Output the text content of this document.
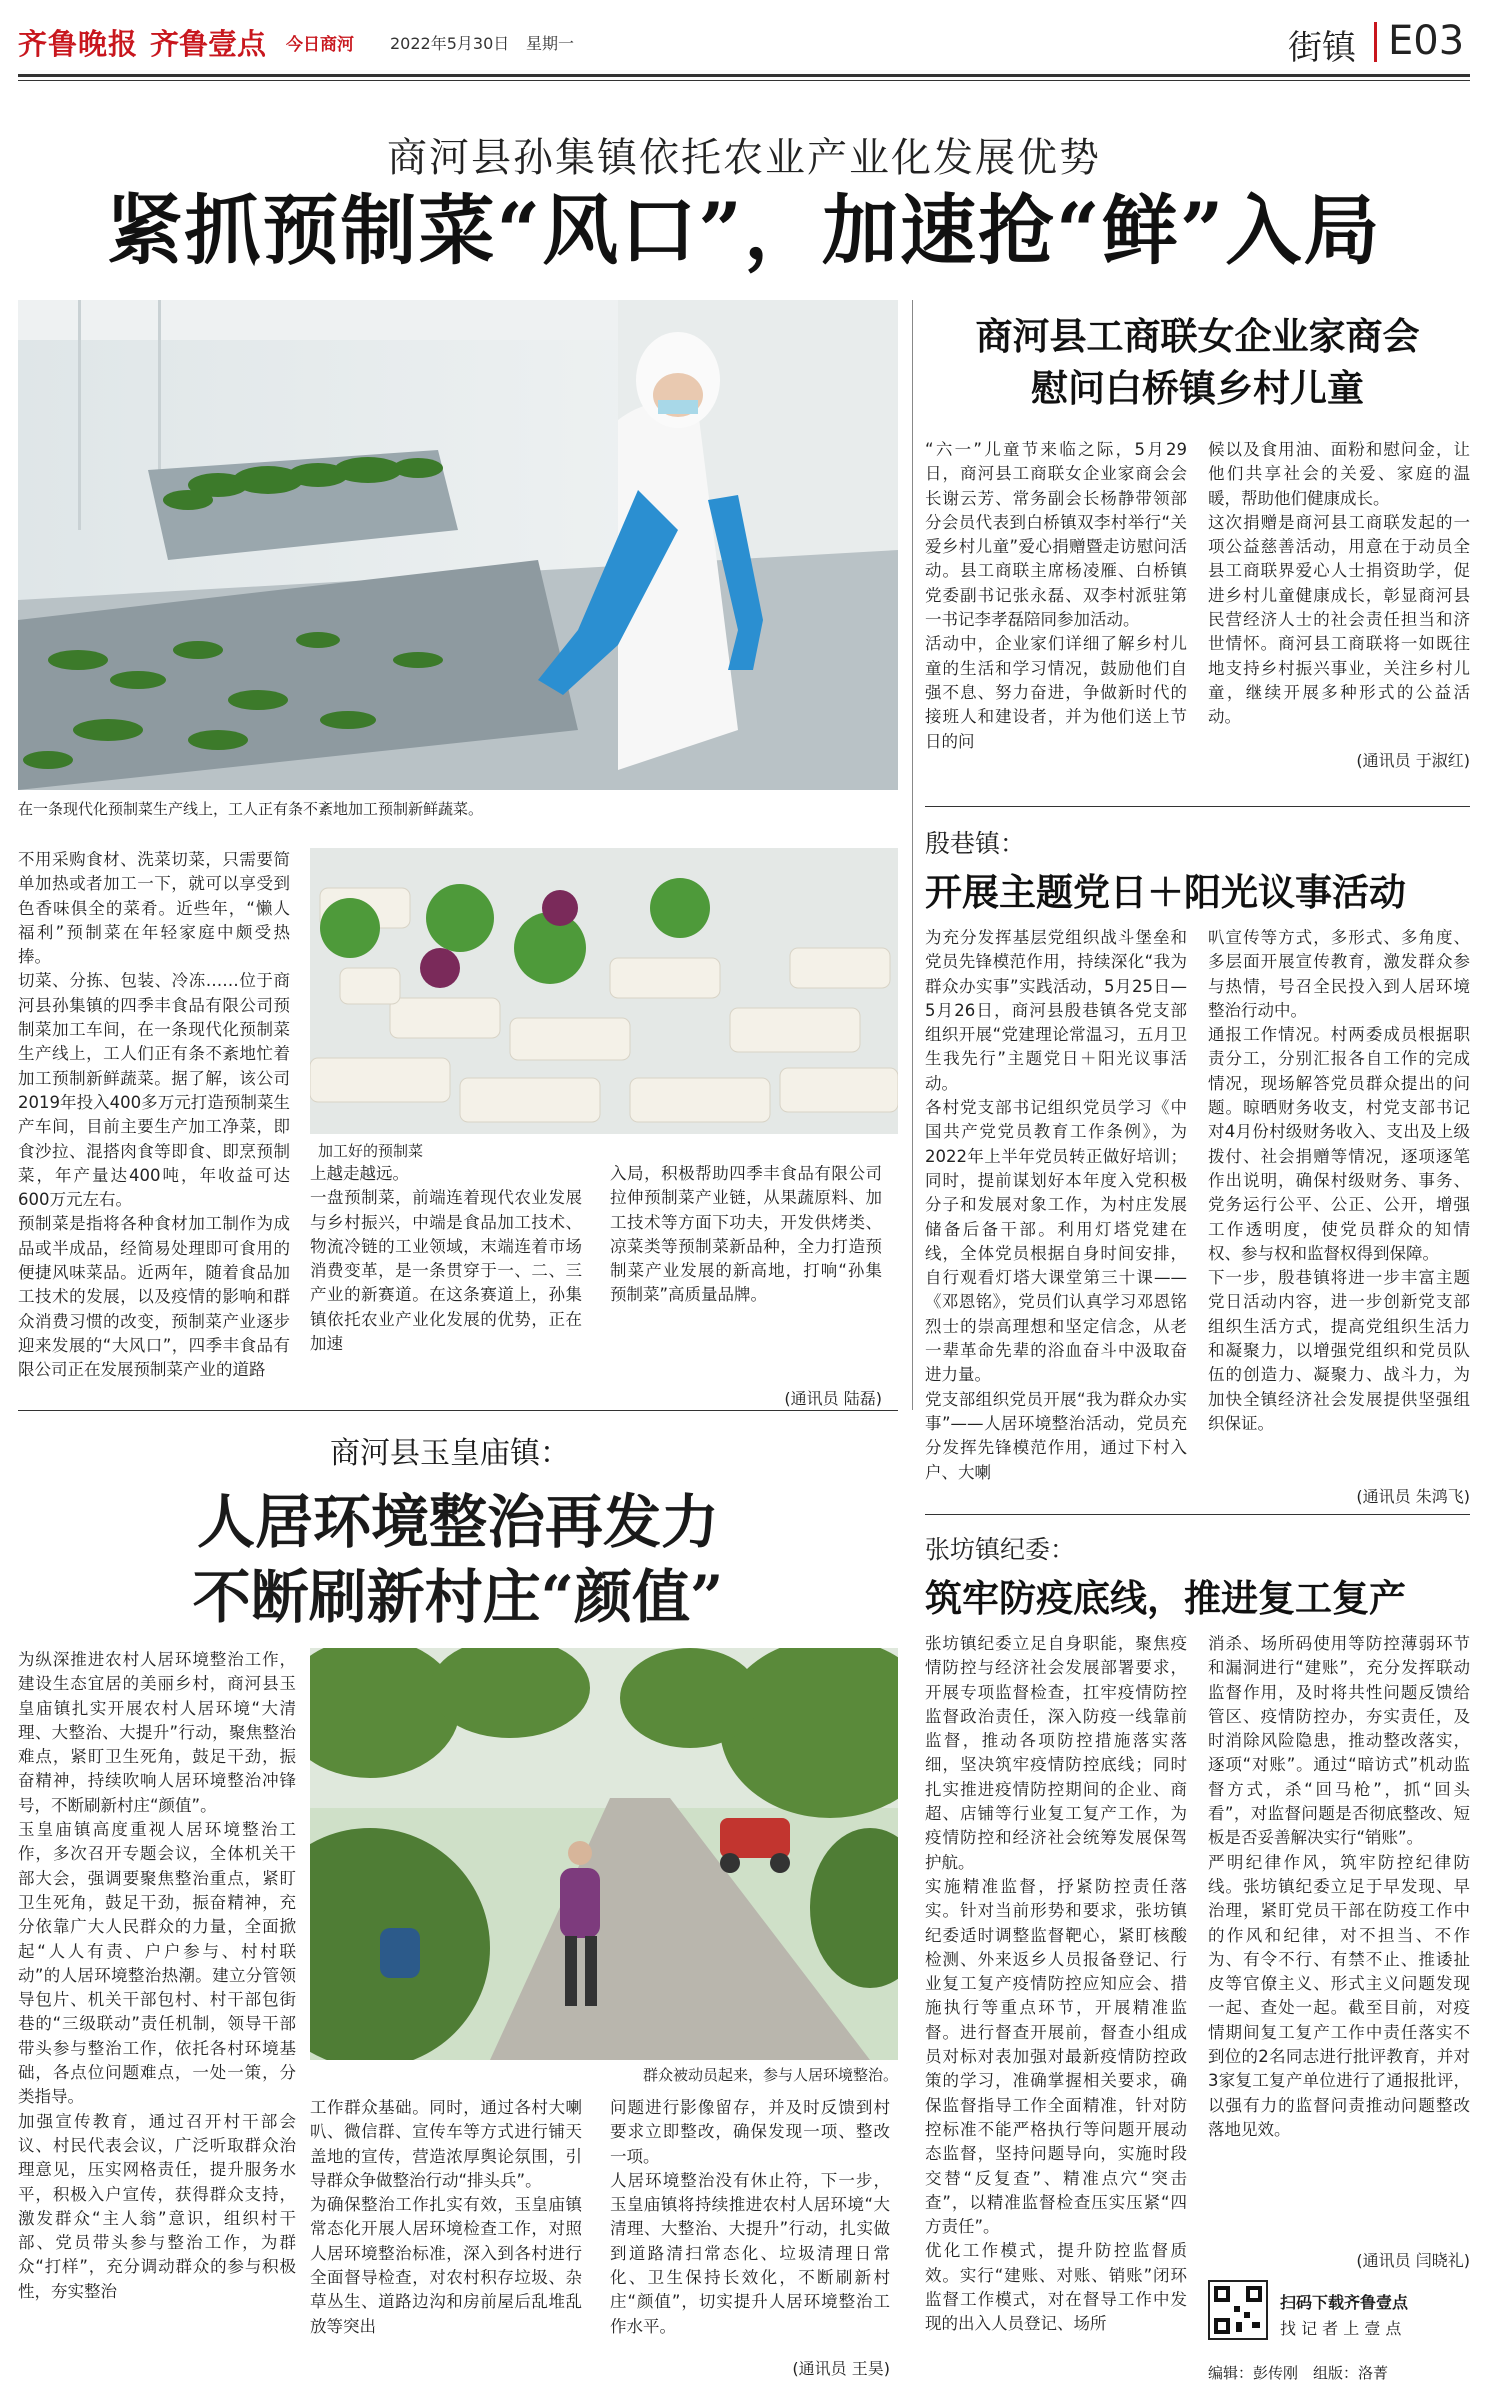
齐鲁晚报 齐鲁壹点 今日商河 2022年5月30日 星期一	街镇 E03
商河县孙集镇依托农业产业化发展优势
紧抓预制菜“风口”，加速抢“鲜”入局
在一条现代化预制菜生产线上，工人正有条不紊地加工预制新鲜蔬菜。
不用采购食材、洗菜切菜，只需要简单加热或者加工一下，就可以享受到色香味俱全的菜肴。近些年，“懒人福利”预制菜在年轻家庭中颇受热捧。
切菜、分拣、包装、冷冻……位于商河县孙集镇的四季丰食品有限公司预制菜加工车间，在一条现代化预制菜生产线上，工人们正有条不紊地忙着加工预制新鲜蔬菜。据了解，该公司2019年投入400多万元打造预制菜生产车间，目前主要生产加工净菜，即食沙拉、混搭肉食等即食、即烹预制菜，年产量达400吨，年收益可达600万元左右。
预制菜是指将各种食材加工制作为成品或半成品，经简易处理即可食用的便捷风味菜品。近两年，随着食品加工技术的发展，以及疫情的影响和群众消费习惯的改变，预制菜产业逐步迎来发展的“大风口”，四季丰食品有限公司正在发展预制菜产业的道路
加工好的预制菜
上越走越远。
一盘预制菜，前端连着现代农业发展与乡村振兴，中端是食品加工技术、物流冷链的工业领域，末端连着市场消费变革，是一条贯穿于一、二、三产业的新赛道。在这条赛道上，孙集镇依托农业产业化发展的优势，正在加速
入局，积极帮助四季丰食品有限公司拉伸预制菜产业链，从果蔬原料、加工技术等方面下功夫，开发供烤类、凉菜类等预制菜新品种，全力打造预制菜产业发展的新高地，打响“孙集预制菜”高质量品牌。
(通讯员 陆磊)
商河县工商联女企业家商会
慰问白桥镇乡村儿童
“六一”儿童节来临之际，5月29日，商河县工商联女企业家商会会长谢云芳、常务副会长杨静带领部分会员代表到白桥镇双李村举行“关爱乡村儿童”爱心捐赠暨走访慰问活动。县工商联主席杨凌雁、白桥镇党委副书记张永磊、双李村派驻第一书记李孝磊陪同参加活动。
活动中，企业家们详细了解乡村儿童的生活和学习情况，鼓励他们自强不息、努力奋进，争做新时代的接班人和建设者，并为他们送上节日的问
候以及食用油、面粉和慰问金，让他们共享社会的关爱、家庭的温暖，帮助他们健康成长。
这次捐赠是商河县工商联发起的一项公益慈善活动，用意在于动员全县工商联界爱心人士捐资助学，促进乡村儿童健康成长，彰显商河县民营经济人士的社会责任担当和济世情怀。商河县工商联将一如既往地支持乡村振兴事业，关注乡村儿童，继续开展多种形式的公益活动。
(通讯员 于淑红)
殷巷镇：
开展主题党日＋阳光议事活动
为充分发挥基层党组织战斗堡垒和党员先锋模范作用，持续深化“我为群众办实事”实践活动，5月25日—5月26日，商河县殷巷镇各党支部组织开展“党建理论常温习，五月卫生我先行”主题党日＋阳光议事活动。
各村党支部书记组织党员学习《中国共产党党员教育工作条例》，为2022年上半年党员转正做好培训；同时，提前谋划好本年度入党积极分子和发展对象工作，为村庄发展储备后备干部。利用灯塔党建在线，全体党员根据自身时间安排，自行观看灯塔大课堂第三十课——《邓恩铭》，党员们认真学习邓恩铭烈士的崇高理想和坚定信念，从老一辈革命先辈的浴血奋斗中汲取奋进力量。
党支部组织党员开展“我为群众办实事”——人居环境整治活动，党员充分发挥先锋模范作用，通过下村入户、大喇
叭宣传等方式，多形式、多角度、多层面开展宣传教育，激发群众参与热情，号召全民投入到人居环境整治行动中。
通报工作情况。村两委成员根据职责分工，分别汇报各自工作的完成情况，现场解答党员群众提出的问题。晾晒财务收支，村党支部书记对4月份村级财务收入、支出及上级拨付、社会捐赠等情况，逐项逐笔作出说明，确保村级财务、事务、党务运行公平、公正、公开，增强工作透明度，使党员群众的知情权、参与权和监督权得到保障。
下一步，殷巷镇将进一步丰富主题党日活动内容，进一步创新党支部组织生活方式，提高党组织生活力和凝聚力，以增强党组织和党员队伍的创造力、凝聚力、战斗力，为加快全镇经济社会发展提供坚强组织保证。
(通讯员 朱鸿飞)
商河县玉皇庙镇：
人居环境整治再发力
不断刷新村庄“颜值”
为纵深推进农村人居环境整治工作，建设生态宜居的美丽乡村，商河县玉皇庙镇扎实开展农村人居环境“大清理、大整治、大提升”行动，聚焦整治难点，紧盯卫生死角，鼓足干劲，振奋精神，持续吹响人居环境整治冲锋号，不断刷新村庄“颜值”。
玉皇庙镇高度重视人居环境整治工作，多次召开专题会议，全体机关干部大会，强调要聚焦整治重点，紧盯卫生死角，鼓足干劲，振奋精神，充分依靠广大人民群众的力量，全面掀起“人人有责、户户参与、村村联动”的人居环境整治热潮。建立分管领导包片、机关干部包村、村干部包街巷的“三级联动”责任机制，领导干部带头参与整治工作，依托各村环境基础，各点位问题难点，一处一策，分类指导。
加强宣传教育，通过召开村干部会议、村民代表会议，广泛听取群众治理意见，压实网格责任，提升服务水平，积极入户宣传，获得群众支持，激发群众“主人翁”意识，组织村干部、党员带头参与整治工作，为群众“打样”，充分调动群众的参与积极性，夯实整治
群众被动员起来，参与人居环境整治。
工作群众基础。同时，通过各村大喇叭、微信群、宣传车等方式进行铺天盖地的宣传，营造浓厚舆论氛围，引导群众争做整治行动“排头兵”。
为确保整治工作扎实有效，玉皇庙镇常态化开展人居环境检查工作，对照人居环境整治标准，深入到各村进行全面督导检查，对农村积存垃圾、杂草丛生、道路边沟和房前屋后乱堆乱放等突出
问题进行影像留存，并及时反馈到村要求立即整改，确保发现一项、整改一项。
人居环境整治没有休止符，下一步，玉皇庙镇将持续推进农村人居环境“大清理、大整治、大提升”行动，扎实做到道路清扫常态化、垃圾清理日常化、卫生保持长效化，不断刷新村庄“颜值”，切实提升人居环境整治工作水平。
(通讯员 王昊)
张坊镇纪委：
筑牢防疫底线，推进复工复产
张坊镇纪委立足自身职能，聚焦疫情防控与经济社会发展部署要求，开展专项监督检查，扛牢疫情防控监督政治责任，深入防疫一线靠前监督，推动各项防控措施落实落细，坚决筑牢疫情防控底线；同时扎实推进疫情防控期间的企业、商超、店铺等行业复工复产工作，为疫情防控和经济社会统筹发展保驾护航。
实施精准监督，抒紧防控责任落实。针对当前形势和要求，张坊镇纪委适时调整监督靶心，紧盯核酸检测、外来返乡人员报备登记、行业复工复产疫情防控应知应会、措施执行等重点环节，开展精准监督。进行督查开展前，督查小组成员对标对表加强对最新疫情防控政策的学习，准确掌握相关要求，确保监督指导工作全面精准，针对防控标准不能严格执行等问题开展动态监督，坚持问题导向，实施时段交替“反复查”、精准点穴“突击查”，以精准监督检查压实压紧“四方责任”。
优化工作模式，提升防控监督质效。实行“建账、对账、销账”闭环监督工作模式，对在督导工作中发现的出入人员登记、场所
消杀、场所码使用等防控薄弱环节和漏洞进行“建账”，充分发挥联动监督作用，及时将共性问题反馈给管区、疫情防控办，夯实责任，及时消除风险隐患，推动整改落实，逐项“对账”。通过“暗访式”机动监督方式，杀“回马枪”，抓“回头看”，对监督问题是否彻底整改、短板是否妥善解决实行“销账”。
严明纪律作风，筑牢防控纪律防线。张坊镇纪委立足于早发现、早治理，紧盯党员干部在防疫工作中的作风和纪律，对不担当、不作为、有令不行、有禁不止、推诿扯皮等官僚主义、形式主义问题发现一起、查处一起。截至目前，对疫情期间复工复产工作中责任落实不到位的2名同志进行批评教育，并对3家复工复产单位进行了通报批评，以强有力的监督问责推动问题整改落地见效。
(通讯员 闫晓礼)
扫码下载齐鲁壹点
找 记 者 上 壹 点
编辑：彭传刚　组版：洛菁
